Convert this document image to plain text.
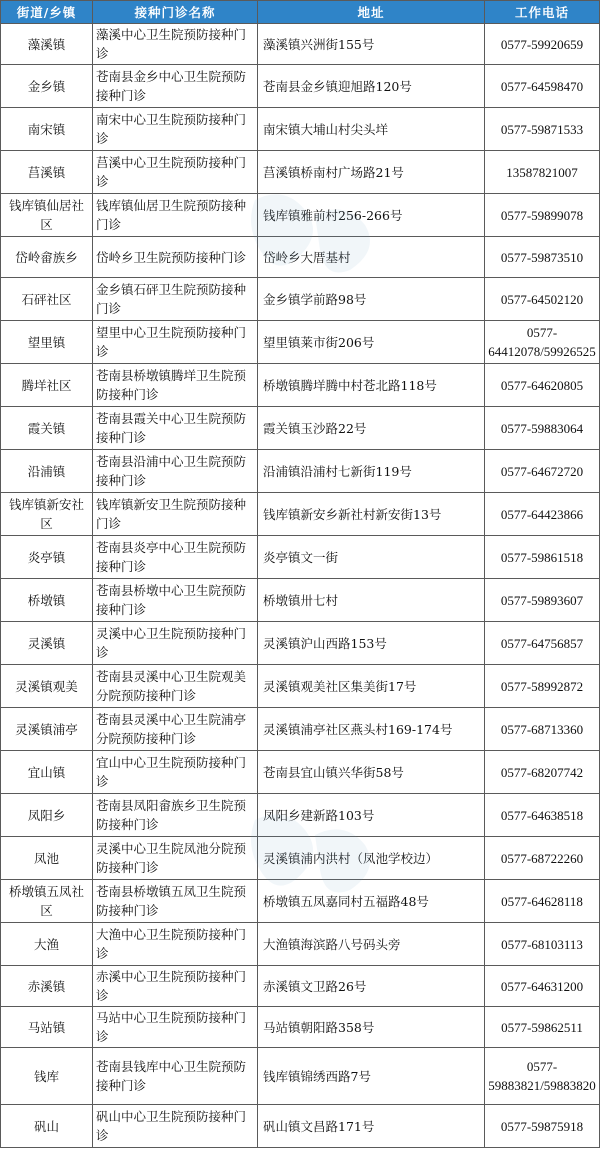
街道/乡镇	接种门诊名称	地址	工作电话
藻溪镇	藻溪中心卫生院预防接种门诊	藻溪镇兴洲街155号	0577-59920659
金乡镇	苍南县金乡中心卫生院预防接种门诊	苍南县金乡镇迎旭路120号	0577-64598470
南宋镇	南宋中心卫生院预防接种门诊	南宋镇大埔山村尖头垟	0577-59871533
莒溪镇	莒溪中心卫生院预防接种门诊	莒溪镇桥南村广场路21号	13587821007
钱库镇仙居社区	钱库镇仙居卫生院预防接种门诊	钱库镇雅前村256-266号	0577-59899078
岱岭畲族乡	岱岭乡卫生院预防接种门诊	岱岭乡大厝基村	0577-59873510
石砰社区	金乡镇石砰卫生院预防接种门诊	金乡镇学前路98号	0577-64502120
望里镇	望里中心卫生院预防接种门诊	望里镇莱市街206号	0577-64412078/59926525
腾垟社区	苍南县桥墩镇腾垟卫生院预防接种门诊	桥墩镇腾垟腾中村苍北路118号	0577-64620805
霞关镇	苍南县霞关中心卫生院预防接种门诊	霞关镇玉沙路22号	0577-59883064
沿浦镇	苍南县沿浦中心卫生院预防接种门诊	沿浦镇沿浦村七新街119号	0577-64672720
钱库镇新安社区	钱库镇新安卫生院预防接种门诊	钱库镇新安乡新社村新安街13号	0577-64423866
炎亭镇	苍南县炎亭中心卫生院预防接种门诊	炎亭镇文一街	0577-59861518
桥墩镇	苍南县桥墩中心卫生院预防接种门诊	桥墩镇卅七村	0577-59893607
灵溪镇	灵溪中心卫生院预防接种门诊	灵溪镇沪山西路153号	0577-64756857
灵溪镇观美	苍南县灵溪中心卫生院观美分院预防接种门诊	灵溪镇观美社区集美街17号	0577-58992872
灵溪镇浦亭	苍南县灵溪中心卫生院浦亭分院预防接种门诊	灵溪镇浦亭社区燕头村169-174号	0577-68713360
宜山镇	宜山中心卫生院预防接种门诊	苍南县宜山镇兴华街58号	0577-68207742
凤阳乡	苍南县凤阳畲族乡卫生院预防接种门诊	凤阳乡建新路103号	0577-64638518
凤池	灵溪中心卫生院凤池分院预防接种门诊	灵溪镇浦内洪村（凤池学校边）	0577-68722260
桥墩镇五凤社区	苍南县桥墩镇五凤卫生院预防接种门诊	桥墩镇五凤嘉同村五福路48号	0577-64628118
大渔	大渔中心卫生院预防接种门诊	大渔镇海滨路八号码头旁	0577-68103113
赤溪镇	赤溪中心卫生院预防接种门诊	赤溪镇文卫路26号	0577-64631200
马站镇	马站中心卫生院预防接种门诊	马站镇朝阳路358号	0577-59862511
钱库	苍南县钱库中心卫生院预防接种门诊	钱库镇锦绣西路7号	0577-59883821/59883820
矾山	矾山中心卫生院预防接种门诊	矾山镇文昌路171号	0577-59875918
